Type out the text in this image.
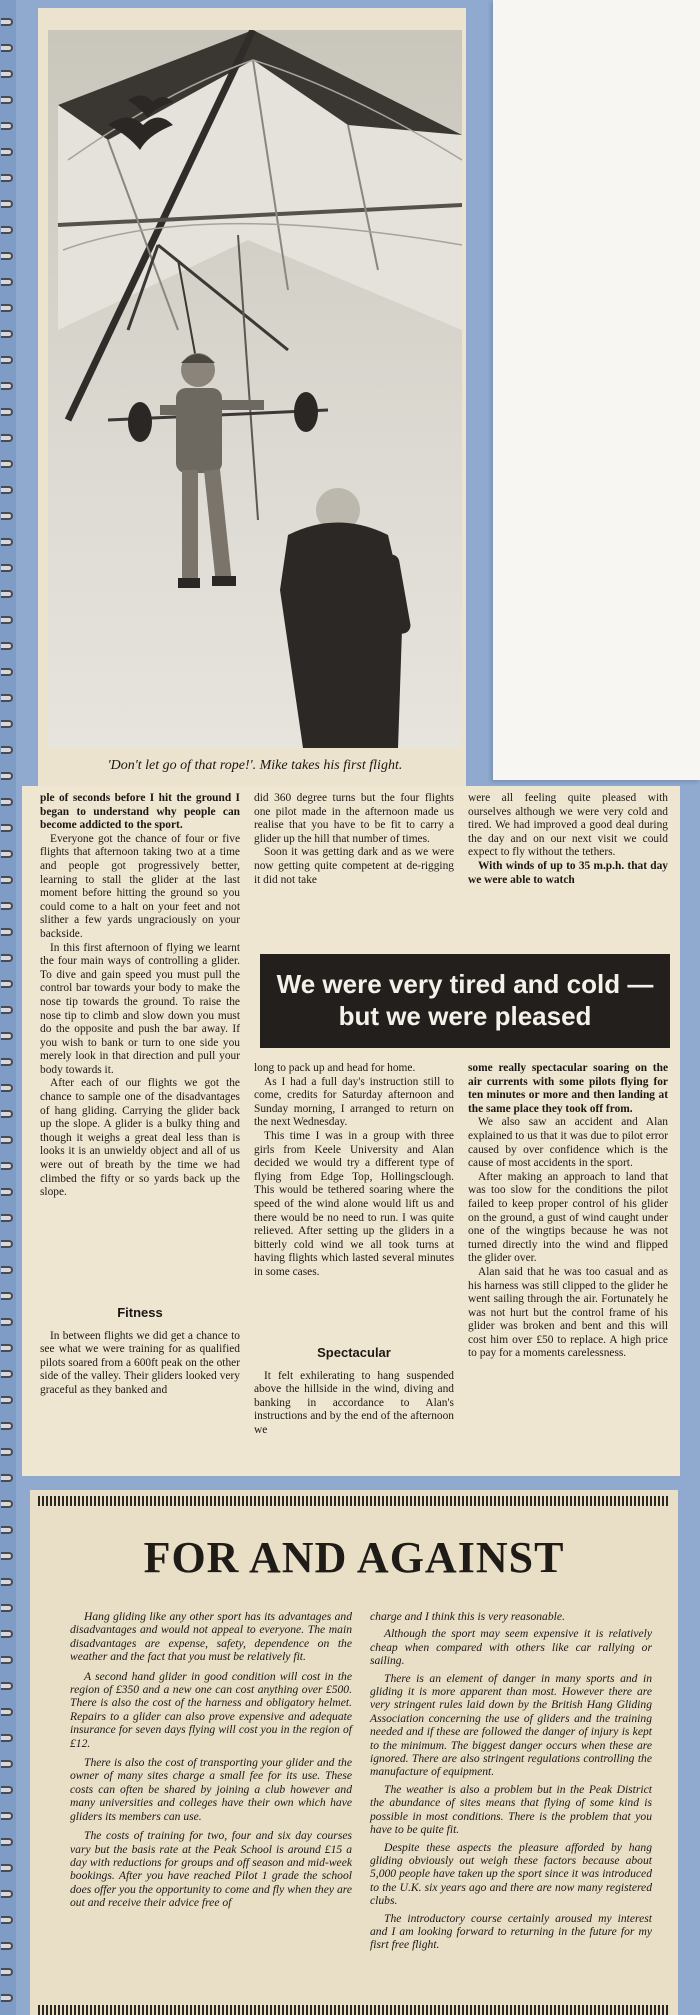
'Don't let go of that rope!'. Mike takes his first flight.

ple of seconds before I hit the ground I began to understand why people can become addicted to the sport.

Everyone got the chance of four or five flights that afternoon taking two at a time and people got progressively better, learning to stall the glider at the last moment before hitting the ground so you could come to a halt on your feet and not slither a few yards ungraciously on your backside.

In this first afternoon of flying we learnt the four main ways of controlling a glider. To dive and gain speed you must pull the control bar towards your body to make the nose tip towards the ground. To raise the nose tip to climb and slow down you must do the opposite and push the bar away. If you wish to bank or turn to one side you merely look in that direction and pull your body towards it.

After each of our flights we got the chance to sample one of the disadvantages of hang gliding. Carrying the glider back up the slope. A glider is a bulky thing and though it weighs a great deal less than is looks it is an unwieldy object and all of us were out of breath by the time we had climbed the fifty or so yards back up the slope.

Fitness

In between flights we did get a chance to see what we were training for as qualified pilots soared from a 600ft peak on the other side of the valley. Their gliders looked very graceful as they banked and

did 360 degree turns but the four flights one pilot made in the afternoon made us realise that you have to be fit to carry a glider up the hill that number of times.

Soon it was getting dark and as we were now getting quite competent at de-rigging it did not take

were all feeling quite pleased with ourselves although we were very cold and tired. We had improved a good deal during the day and on our next visit we could expect to fly without the tethers.

With winds of up to 35 m.p.h. that day we were able to watch

We were very tired and cold — but we were pleased

long to pack up and head for home.

As I had a full day's instruction still to come, credits for Saturday afternoon and Sunday morning, I arranged to return on the next Wednesday.

This time I was in a group with three girls from Keele University and Alan decided we would try a different type of flying from Edge Top, Hollingsclough. This would be tethered soaring where the speed of the wind alone would lift us and there would be no need to run. I was quite relieved. After setting up the gliders in a bitterly cold wind we all took turns at having flights which lasted several minutes in some cases.

Spectacular

It felt exhilerating to hang suspended above the hillside in the wind, diving and banking in accordance to Alan's instructions and by the end of the afternoon we

some really spectacular soaring on the air currents with some pilots flying for ten minutes or more and then landing at the same place they took off from.

We also saw an accident and Alan explained to us that it was due to pilot error caused by over confidence which is the cause of most accidents in the sport.

After making an approach to land that was too slow for the conditions the pilot failed to keep proper control of his glider on the ground, a gust of wind caught under one of the wingtips because he was not turned directly into the wind and flipped the glider over.

Alan said that he was too casual and as his harness was still clipped to the glider he went sailing through the air. Fortunately he was not hurt but the control frame of his glider was broken and bent and this will cost him over £50 to replace. A high price to pay for a moments carelessness.

FOR AND AGAINST

Hang gliding like any other sport has its advantages and disadvantages and would not appeal to everyone. The main disadvantages are expense, safety, dependence on the weather and the fact that you must be relatively fit.

A second hand glider in good condition will cost in the region of £350 and a new one can cost anything over £500. There is also the cost of the harness and obligatory helmet. Repairs to a glider can also prove expensive and adequate insurance for seven days flying will cost you in the region of £12.

There is also the cost of transporting your glider and the owner of many sites charge a small fee for its use. These costs can often be shared by joining a club however and many universities and colleges have their own which have gliders its members can use.

The costs of training for two, four and six day courses vary but the basis rate at the Peak School is around £15 a day with reductions for groups and off season and mid-week bookings. After you have reached Pilot 1 grade the school does offer you the opportunity to come and fly when they are out and receive their advice free of

charge and I think this is very reasonable.

Although the sport may seem expensive it is relatively cheap when compared with others like car rallying or sailing.

There is an element of danger in many sports and in gliding it is more apparent than most. However there are very stringent rules laid down by the British Hang Gliding Association concerning the use of gliders and the training needed and if these are followed the danger of injury is kept to the minimum. The biggest danger occurs when these are ignored. There are also stringent regulations controlling the manufacture of equipment.

The weather is also a problem but in the Peak District the abundance of sites means that flying of some kind is possible in most conditions. There is the problem that you have to be quite fit.

Despite these aspects the pleasure afforded by hang gliding obviously out weigh these factors because about 5,000 people have taken up the sport since it was introduced to the U.K. six years ago and there are now many registered clubs.

The introductory course certainly aroused my interest and I am looking forward to returning in the future for my fisrt free flight.
